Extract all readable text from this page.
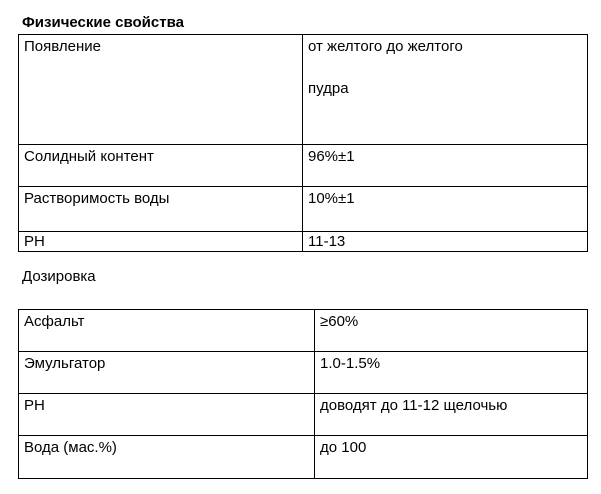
Физические свойства

Появление	от желтого до желтого
пудра
Солидный контент	96%±1
Растворимость воды	10%±1
PH	11-13

Дозировка

Асфальт	≥60%
Эмульгатор	1.0-1.5%
PH	доводят до 11-12 щелочью
Вода (мас.%)	до 100
